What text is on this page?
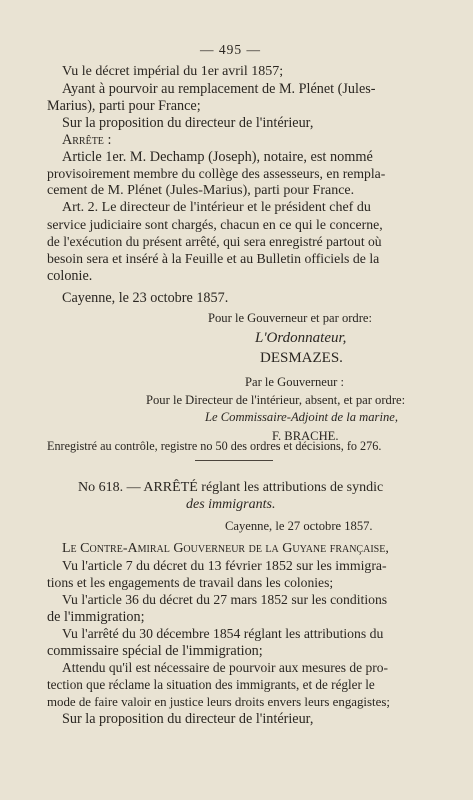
— 495 —
Vu le décret impérial du 1er avril 1857;
Ayant à pourvoir au remplacement de M. Plénet (Jules-
Marius), parti pour France;
Sur la proposition du directeur de l'intérieur,
Arrête :
Article 1er. M. Dechamp (Joseph), notaire, est nommé
provisoirement membre du collège des assesseurs, en rempla-
cement de M. Plénet (Jules-Marius), parti pour France.
Art. 2. Le directeur de l'intérieur et le président chef du
service judiciaire sont chargés, chacun en ce qui le concerne,
de l'exécution du présent arrêté, qui sera enregistré partout où
besoin sera et inséré à la Feuille et au Bulletin officiels de la
colonie.
Cayenne, le 23 octobre 1857.
Pour le Gouverneur et par ordre:
L'Ordonnateur,
DESMAZES.
Par le Gouverneur :
Pour le Directeur de l'intérieur, absent, et par ordre:
Le Commissaire-Adjoint de la marine,
F. BRACHE.
Enregistré au contrôle, registre no 50 des ordres et décisions, fo 276.
No 618. — ARRÊTÉ réglant les attributions de syndic
des immigrants.
Cayenne, le 27 octobre 1857.
Le Contre-Amiral Gouverneur de la Guyane française,
Vu l'article 7 du décret du 13 février 1852 sur les immigra-
tions et les engagements de travail dans les colonies;
Vu l'article 36 du décret du 27 mars 1852 sur les conditions
de l'immigration;
Vu l'arrêté du 30 décembre 1854 réglant les attributions du
commissaire spécial de l'immigration;
Attendu qu'il est nécessaire de pourvoir aux mesures de pro-
tection que réclame la situation des immigrants, et de régler le
mode de faire valoir en justice leurs droits envers leurs engagistes;
Sur la proposition du directeur de l'intérieur,
